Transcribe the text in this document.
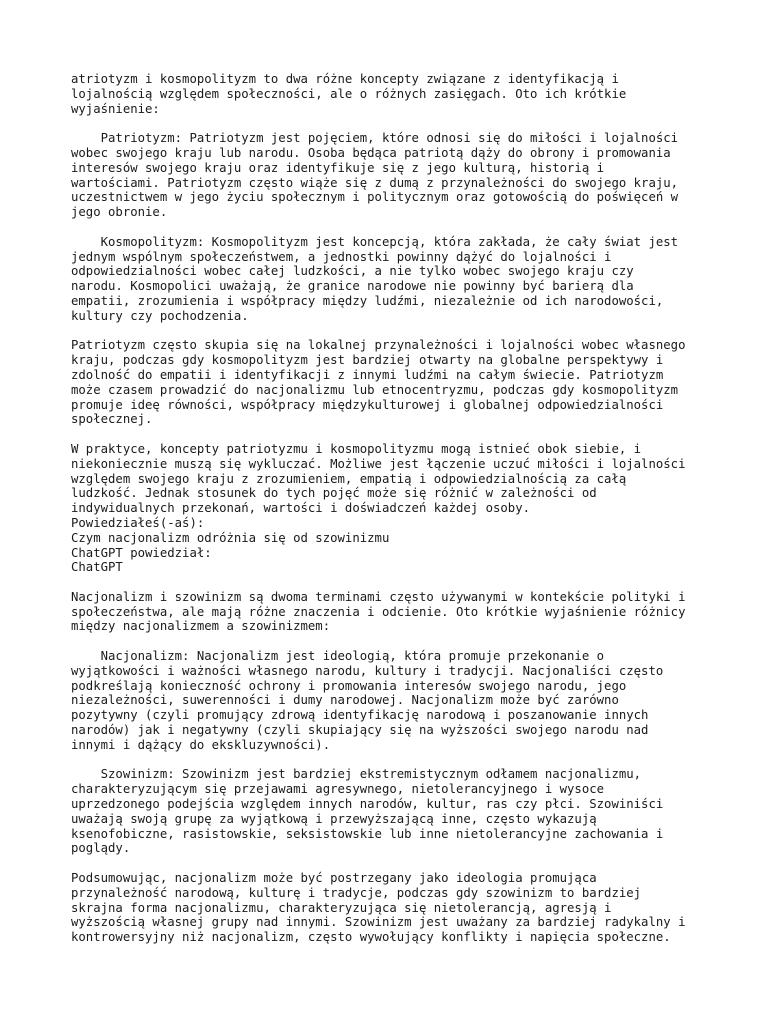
atriotyzm i kosmopolityzm to dwa różne koncepty związane z identyfikacją i
lojalnością względem społeczności, ale o różnych zasięgach. Oto ich krótkie
wyjaśnienie:
Patriotyzm: Patriotyzm jest pojęciem, które odnosi się do miłości i lojalności
wobec swojego kraju lub narodu. Osoba będąca patriotą dąży do obrony i promowania
interesów swojego kraju oraz identyfikuje się z jego kulturą, historią i
wartościami. Patriotyzm często wiąże się z dumą z przynależności do swojego kraju,
uczestnictwem w jego życiu społecznym i politycznym oraz gotowością do poświęceń w
jego obronie.
Kosmopolityzm: Kosmopolityzm jest koncepcją, która zakłada, że cały świat jest
jednym wspólnym społeczeństwem, a jednostki powinny dążyć do lojalności i
odpowiedzialności wobec całej ludzkości, a nie tylko wobec swojego kraju czy
narodu. Kosmopolici uważają, że granice narodowe nie powinny być barierą dla
empatii, zrozumienia i współpracy między ludźmi, niezależnie od ich narodowości,
kultury czy pochodzenia.
Patriotyzm często skupia się na lokalnej przynależności i lojalności wobec własnego
kraju, podczas gdy kosmopolityzm jest bardziej otwarty na globalne perspektywy i
zdolność do empatii i identyfikacji z innymi ludźmi na całym świecie. Patriotyzm
może czasem prowadzić do nacjonalizmu lub etnocentryzmu, podczas gdy kosmopolityzm
promuje ideę równości, współpracy międzykulturowej i globalnej odpowiedzialności
społecznej.
W praktyce, koncepty patriotyzmu i kosmopolityzmu mogą istnieć obok siebie, i
niekoniecznie muszą się wykluczać. Możliwe jest łączenie uczuć miłości i lojalności
względem swojego kraju z zrozumieniem, empatią i odpowiedzialnością za całą
ludzkość. Jednak stosunek do tych pojęć może się różnić w zależności od
indywidualnych przekonań, wartości i doświadczeń każdej osoby.
Powiedziałeś(-aś):
Czym nacjonalizm odróżnia się od szowinizmu
ChatGPT powiedział:
ChatGPT
Nacjonalizm i szowinizm są dwoma terminami często używanymi w kontekście polityki i
społeczeństwa, ale mają różne znaczenia i odcienie. Oto krótkie wyjaśnienie różnicy
między nacjonalizmem a szowinizmem:
Nacjonalizm: Nacjonalizm jest ideologią, która promuje przekonanie o
wyjątkowości i ważności własnego narodu, kultury i tradycji. Nacjonaliści często
podkreślają konieczność ochrony i promowania interesów swojego narodu, jego
niezależności, suwerenności i dumy narodowej. Nacjonalizm może być zarówno
pozytywny (czyli promujący zdrową identyfikację narodową i poszanowanie innych
narodów) jak i negatywny (czyli skupiający się na wyższości swojego narodu nad
innymi i dążący do ekskluzywności).
Szowinizm: Szowinizm jest bardziej ekstremistycznym odłamem nacjonalizmu,
charakteryzującym się przejawami agresywnego, nietolerancyjnego i wysoce
uprzedzonego podejścia względem innych narodów, kultur, ras czy płci. Szowiniści
uważają swoją grupę za wyjątkową i przewyższającą inne, często wykazują
ksenofobiczne, rasistowskie, seksistowskie lub inne nietolerancyjne zachowania i
poglądy.
Podsumowując, nacjonalizm może być postrzegany jako ideologia promująca
przynależność narodową, kulturę i tradycje, podczas gdy szowinizm to bardziej
skrajna forma nacjonalizmu, charakteryzująca się nietolerancją, agresją i
wyższością własnej grupy nad innymi. Szowinizm jest uważany za bardziej radykalny i
kontrowersyjny niż nacjonalizm, często wywołujący konflikty i napięcia społeczne.
